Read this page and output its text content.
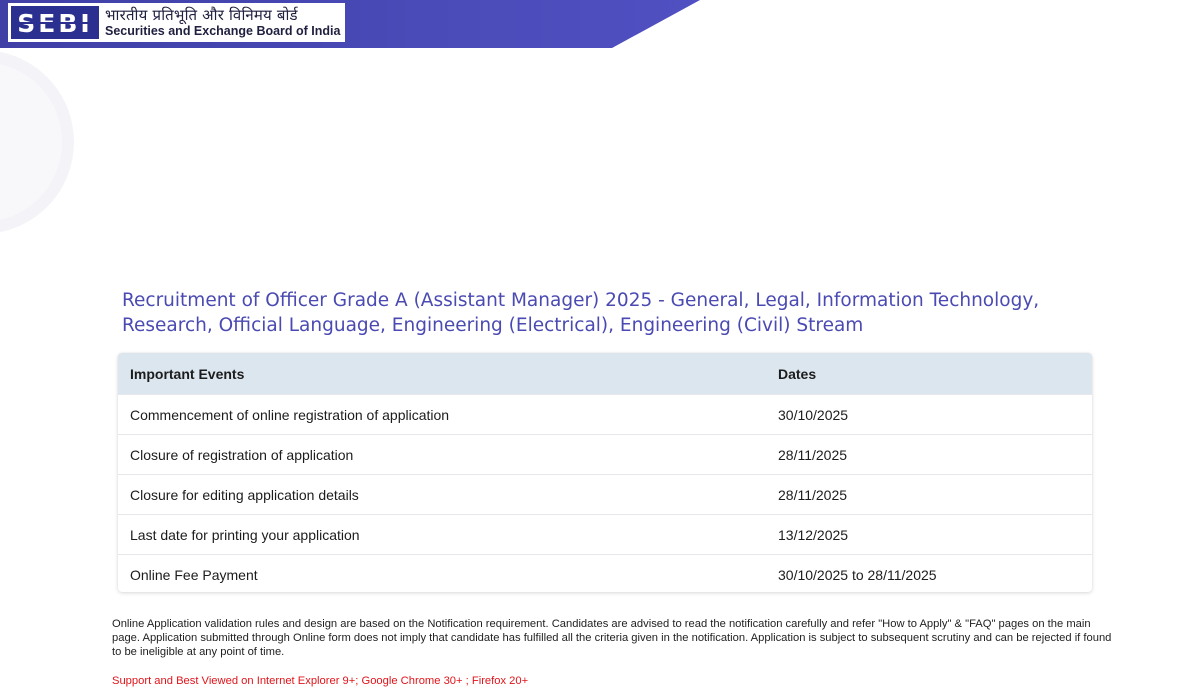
SEBI भारतीय प्रतिभूति और विनिमय बोर्ड
Securities and Exchange Board of India
Recruitment of Officer Grade A (Assistant Manager) 2025 - General, Legal, Information Technology, Research, Official Language, Engineering (Electrical), Engineering (Civil) Stream
Important Events	Dates
Commencement of online registration of application	30/10/2025
Closure of registration of application	28/11/2025
Closure for editing application details	28/11/2025
Last date for printing your application	13/12/2025
Online Fee Payment	30/10/2025 to 28/11/2025
Online Application validation rules and design are based on the Notification requirement. Candidates are advised to read the notification carefully and refer "How to Apply" & "FAQ" pages on the main page. Application submitted through Online form does not imply that candidate has fulfilled all the criteria given in the notification. Application is subject to subsequent scrutiny and can be rejected if found to be ineligible at any point of time.
Support and Best Viewed on Internet Explorer 9+; Google Chrome 30+ ; Firefox 20+
